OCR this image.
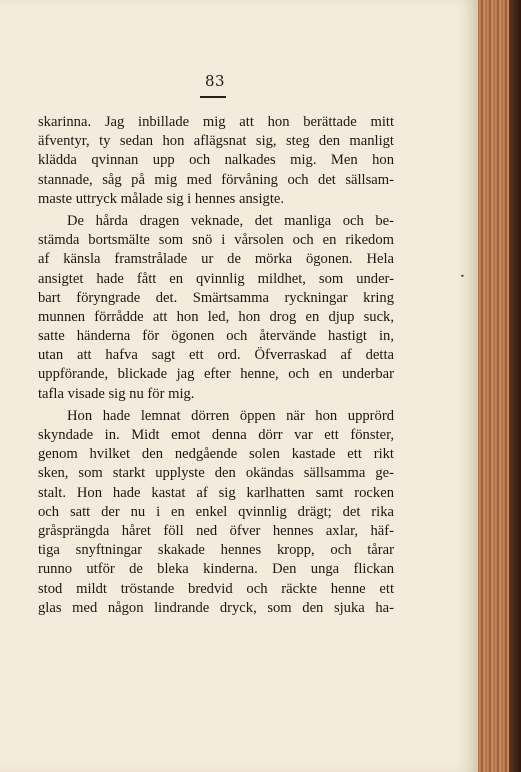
83
•

skarinna. Jag inbillade mig att hon berättade mitt
äfventyr, ty sedan hon aflägsnat sig, steg den manligt
klädda qvinnan upp och nalkades mig. Men hon
stannade, såg på mig med förvåning och det sällsam-
maste uttryck målade sig i hennes ansigte.

De hårda dragen veknade, det manliga och be-
stämda bortsmälte som snö i vårsolen och en rikedom
af känsla framstrålade ur de mörka ögonen. Hela
ansigtet hade fått en qvinnlig mildhet, som under-
bart föryngrade det. Smärtsamma ryckningar kring
munnen förrådde att hon led, hon drog en djup suck,
satte händerna för ögonen och återvände hastigt in,
utan att hafva sagt ett ord. Öfverraskad af detta
uppförande, blickade jag efter henne, och en underbar
tafla visade sig nu för mig.

Hon hade lemnat dörren öppen när hon upprörd
skyndade in. Midt emot denna dörr var ett fönster,
genom hvilket den nedgående solen kastade ett rikt
sken, som starkt upplyste den okändas sällsamma ge-
stalt. Hon hade kastat af sig karlhatten samt rocken
och satt der nu i en enkel qvinnlig drägt; det rika
gråsprängda håret föll ned öfver hennes axlar, häf-
tiga snyftningar skakade hennes kropp, och tårar
runno utför de bleka kinderna. Den unga flickan
stod mildt tröstande bredvid och räckte henne ett
glas med någon lindrande dryck, som den sjuka ha-
